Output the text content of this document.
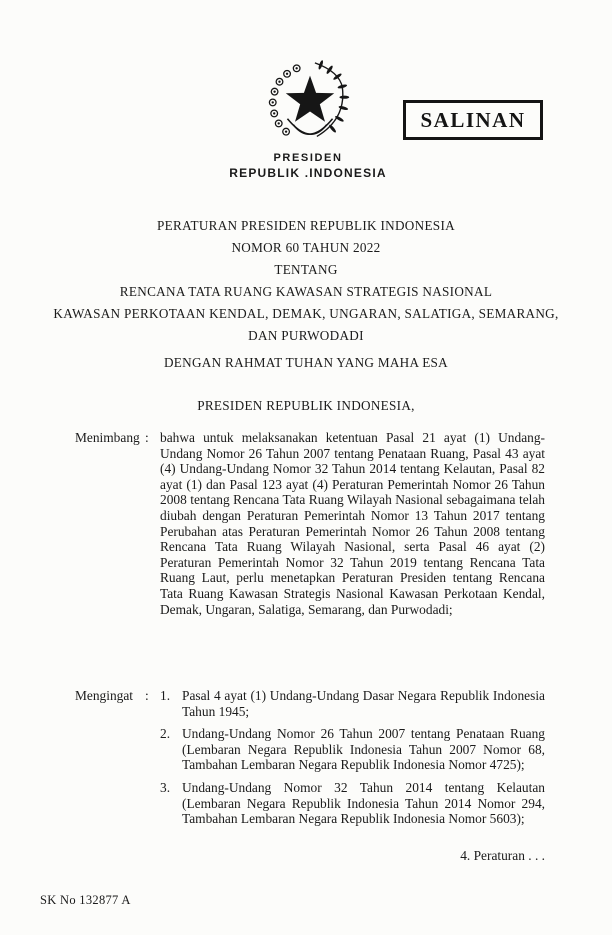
SALINAN
PRESIDEN
REPUBLIK .INDONESIA
PERATURAN PRESIDEN REPUBLIK INDONESIA
NOMOR 60 TAHUN 2022
TENTANG
RENCANA TATA RUANG KAWASAN STRATEGIS NASIONAL
KAWASAN PERKOTAAN KENDAL, DEMAK, UNGARAN, SALATIGA, SEMARANG,
DAN PURWODADI
DENGAN RAHMAT TUHAN YANG MAHA ESA
PRESIDEN REPUBLIK INDONESIA,
Menimbang : bahwa untuk melaksanakan ketentuan Pasal 21 ayat (1) Undang-Undang Nomor 26 Tahun 2007 tentang Penataan Ruang, Pasal 43 ayat (4) Undang-Undang Nomor 32 Tahun 2014 tentang Kelautan, Pasal 82 ayat (1) dan Pasal 123 ayat (4) Peraturan Pemerintah Nomor 26 Tahun 2008 tentang Rencana Tata Ruang Wilayah Nasional sebagaimana telah diubah dengan Peraturan Pemerintah Nomor 13 Tahun 2017 tentang Perubahan atas Peraturan Pemerintah Nomor 26 Tahun 2008 tentang Rencana Tata Ruang Wilayah Nasional, serta Pasal 46 ayat (2) Peraturan Pemerintah Nomor 32 Tahun 2019 tentang Rencana Tata Ruang Laut, perlu menetapkan Peraturan Presiden tentang Rencana Tata Ruang Kawasan Strategis Nasional Kawasan Perkotaan Kendal, Demak, Ungaran, Salatiga, Semarang, dan Purwodadi;
Mengingat : 1. Pasal 4 ayat (1) Undang-Undang Dasar Negara Republik Indonesia Tahun 1945;
2. Undang-Undang Nomor 26 Tahun 2007 tentang Penataan Ruang (Lembaran Negara Republik Indonesia Tahun 2007 Nomor 68, Tambahan Lembaran Negara Republik Indonesia Nomor 4725);
3. Undang-Undang Nomor 32 Tahun 2014 tentang Kelautan (Lembaran Negara Republik Indonesia Tahun 2014 Nomor 294, Tambahan Lembaran Negara Republik Indonesia Nomor 5603);
4. Peraturan . . .
SK No 132877 A
